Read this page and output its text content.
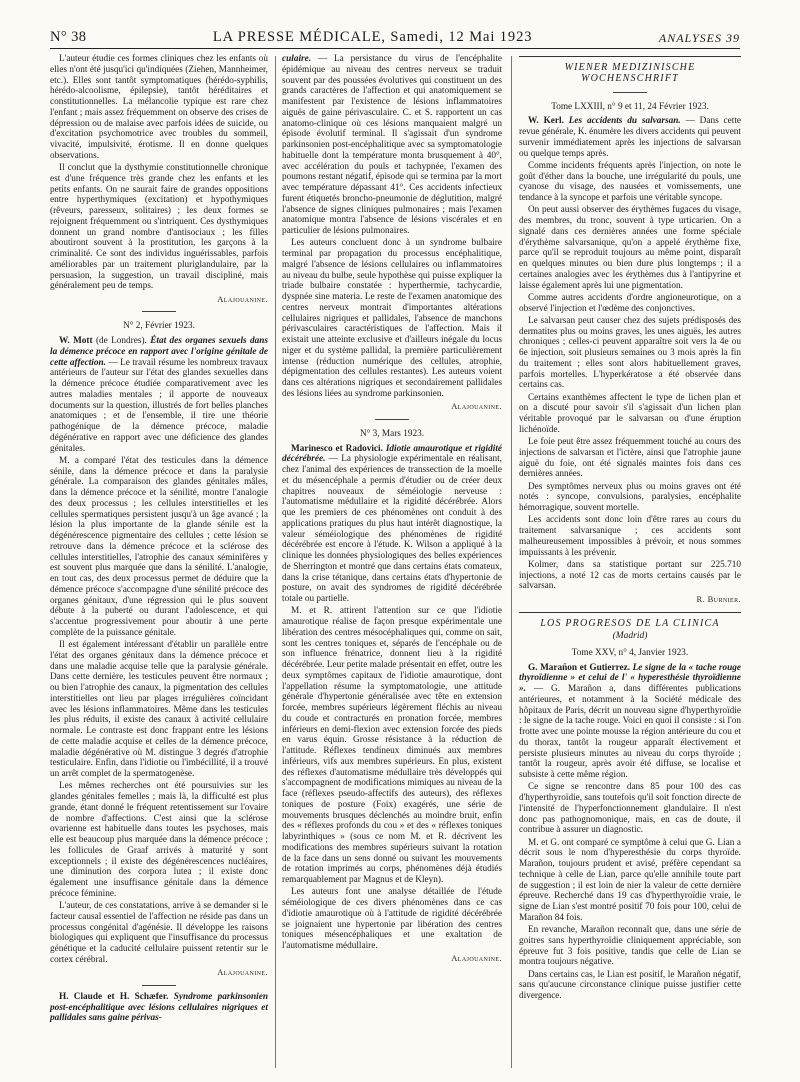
N° 38	LA PRESSE MÉDICALE, Samedi, 12 Mai 1923	ANALYSES 39

L'auteur étudie ces formes cliniques chez les enfants où elles n'ont été jusqu'ici qu'indiquées (Ziehen, Mannheimer, etc.). Elles sont tantôt symptomatiques (hérédo-syphilis, hérédo-alcoolisme, épilepsie), tantôt héréditaires et constitutionnelles. La mélancolie typique est rare chez l'enfant ; mais assez fréquemment on observe des crises de dépression ou de malaise avec parfois idées de suicide, ou d'excitation psychomotrice avec troubles du sommeil, vivacité, impulsivité, érotisme. Il en donne quelques observations.

Il conclut que la dysthymie constitutionnelle chronique est d'une fréquence très grande chez les enfants et les petits enfants. On ne saurait faire de grandes oppositions entre hyperthymiques (excitation) et hypothymiques (rêveurs, paresseux, solitaires) ; les deux formes se rejoignent fréquemment ou s'intriquent. Ces dysthymiques donnent un grand nombre d'antisociaux ; les filles aboutiront souvent à la prostitution, les garçons à la criminalité. Ce sont des individus inguérissables, parfois améliorables par un traitement pluriglandulaire, par la persuasion, la suggestion, un travail discipliné, mais généralement peu de temps.

Alajouanine.

N° 2, Février 1923.

W. Mott (de Londres). État des organes sexuels dans la démence précoce en rapport avec l'origine génitale de cette affection. — Le travail résume les nombreux travaux antérieurs de l'auteur sur l'état des glandes sexuelles dans la démence précoce étudiée comparativement avec les autres maladies mentales ; il apporte de nouveaux documents sur la question, illustrés de fort belles planches anatomiques ; et de l'ensemble, il tire une théorie pathogénique de la démence précoce, maladie dégénérative en rapport avec une déficience des glandes génitales.

M. a comparé l'état des testicules dans la démence sénile, dans la démence précoce et dans la paralysie générale. La comparaison des glandes génitales mâles, dans la démence précoce et la sénilité, montre l'analogie des deux processus ; les cellules interstitielles et les cellules spermatiques persistent jusqu'à un âge avancé ; la lésion la plus importante de la glande sénile est la dégénérescence pigmentaire des cellules ; cette lésion se retrouve dans la démence précoce et la sclérose des cellules interstitielles, l'atrophie des canaux séminifères y est souvent plus marquée que dans la sénilité. L'analogie, en tout cas, des deux processus permet de déduire que la démence précoce s'accompagne d'une sénilité précoce des organes génitaux, d'une régression qui le plus souvent débute à la puberté ou durant l'adolescence, et qui s'accentue progressivement pour aboutir à une perte complète de la puissance génitale.

Il est également intéressant d'établir un parallèle entre l'état des organes génitaux dans la démence précoce et dans une maladie acquise telle que la paralysie générale. Dans cette dernière, les testicules peuvent être normaux ; ou bien l'atrophie des canaux, la pigmentation des cellules interstitielles ont lieu par plages irrégulières coïncidant avec les lésions inflammatoires. Même dans les testicules les plus réduits, il existe des canaux à activité cellulaire normale. Le contraste est donc frappant entre les lésions de cette maladie acquise et celles de la démence précoce, maladie dégénérative où M. distingue 3 degrés d'atrophie testiculaire. Enfin, dans l'idiotie ou l'imbécillité, il a trouvé un arrêt complet de la spermatogenèse.

Les mêmes recherches ont été poursuivies sur les glandes génitales femelles ; mais là, la difficulté est plus grande, étant donné le fréquent retentissement sur l'ovaire de nombre d'affections. C'est ainsi que la sclérose ovarienne est habituelle dans toutes les psychoses, mais elle est beaucoup plus marquée dans la démence précoce ; les follicules de Graaf arrivés à maturité y sont exceptionnels ; il existe des dégénérescences nucléaires, une diminution des corpora lutea ; il existe donc également une insuffisance génitale dans la démence précoce féminine.

L'auteur, de ces constatations, arrive à se demander si le facteur causal essentiel de l'affection ne réside pas dans un processus congénital d'agénésie. Il développe les raisons biologiques qui expliquent que l'insuffisance du processus génétique et la caducité cellulaire puissent retentir sur le cortex cérébral.

Alajouanine.

H. Claude et H. Schæfer. Syndrome parkinsonien post-encéphalitique avec lésions cellulaires nigriques et pallidales sans gaine périvas-

culaire. — La persistance du virus de l'encéphalite épidémique au niveau des centres nerveux se traduit souvent par des poussées évolutives qui constituent un des grands caractères de l'affection et qui anatomiquement se manifestent par l'existence de lésions inflammatoires aiguës de gaine périvasculaire. C. et S. rapportent un cas anatomo-clinique où ces lésions manquaient malgré un épisode évolutif terminal. Il s'agissait d'un syndrome parkinsonien post-encéphalitique avec sa symptomatologie habituelle dont la température monta brusquement à 40°, avec accélération du pouls et tachypnée, l'examen des poumons restant négatif, épisode qui se termina par la mort avec température dépassant 41°. Ces accidents infectieux furent étiquetés broncho-pneumonie de déglutition, malgré l'absence de signes cliniques pulmonaires ; mais l'examen anatomique montra l'absence de lésions viscérales et en particulier de lésions pulmonaires.

Les auteurs concluent donc à un syndrome bulbaire terminal par propagation du processus encéphalitique, malgré l'absence de lésions cellulaires ou inflammatoires au niveau du bulbe, seule hypothèse qui puisse expliquer la triade bulbaire constatée : hyperthermie, tachycardie, dyspnée sine materia. Le reste de l'examen anatomique des centres nerveux montrait d'importantes altérations cellulaires nigriques et pallidales, l'absence de manchons périvasculaires caractéristiques de l'affection. Mais il existait une atteinte exclusive et d'ailleurs inégale du locus niger et du système pallidal, la première particulièrement intense (réduction numérique des cellules, atrophie, dépigmentation des cellules restantes). Les auteurs voient dans ces altérations nigriques et secondairement pallidales des lésions liées au syndrome parkinsonien.

Alajouanine.

N° 3, Mars 1923.

Marinesco et Radovici. Idiotie amaurotique et rigidité décérébrée. — La physiologie expérimentale en réalisant, chez l'animal des expériences de transsection de la moelle et du mésencéphale a permis d'étudier ou de créer deux chapitres nouveaux de séméiologie nerveuse : l'automatisme médullaire et la rigidité décérébrée. Alors que les premiers de ces phénomènes ont conduit à des applications pratiques du plus haut intérêt diagnostique, la valeur séméiologique des phénomènes de rigidité décérébrée est encore à l'étude. K. Wilson a appliqué à la clinique les données physiologiques des belles expériences de Sherrington et montré que dans certains états comateux, dans la crise tétanique, dans certains états d'hypertonie de posture, on avait des syndromes de rigidité décérébrée totale ou partielle.

M. et R. attirent l'attention sur ce que l'idiotie amaurotique réalise de façon presque expérimentale une libération des centres mésocéphaliques qui, comme on sait, sont les centres toniques et, séparés de l'encéphale ou de son influence frénatrice, donnent lieu à la rigidité décérébrée. Leur petite malade présentait en effet, outre les deux symptômes capitaux de l'idiotie amaurotique, dont l'appellation résume la symptomatologie, une attitude générale d'hypertonie généralisée avec tête en extension forcée, membres supérieurs légèrement fléchis au niveau du coude et contracturés en pronation forcée, membres inférieurs en demi-flexion avec extension forcée des pieds en varus équin. Grosse résistance à la réduction de l'attitude. Réflexes tendineux diminués aux membres inférieurs, vifs aux membres supérieurs. En plus, existent des réflexes d'automatisme médullaire très développés qui s'accompagnent de modifications mimiques au niveau de la face (réflexes pseudo-affectifs des auteurs), des réflexes toniques de posture (Foix) exagérés, une série de mouvements brusques déclenchés au moindre bruit, enfin des « réflexes profonds du cou » et des « réflexes toniques labyrinthiques » (sous ce nom M. et R. décrivent les modifications des membres supérieurs suivant la rotation de la face dans un sens donné ou suivant les mouvements de rotation imprimés au corps, phénomènes déjà étudiés remarquablement par Magnus et de Kleyn).

Les auteurs font une analyse détaillée de l'étude séméiologique de ces divers phénomènes dans ce cas d'idiotie amaurotique où à l'attitude de rigidité décérébrée se joignaient une hypertonie par libération des centres toniques mésencéphaliques et une exaltation de l'automatisme médullaire.

Alajouanine.

WIENER MEDIZINISCHE WOCHENSCHRIFT

Tome LXXIII, n° 9 et 11, 24 Février 1923.

W. Kerl. Les accidents du salvarsan. — Dans cette revue générale, K. énumère les divers accidents qui peuvent survenir immédiatement après les injections de salvarsan ou quelque temps après.

Comme incidents fréquents après l'injection, on note le goût d'éther dans la bouche, une irrégularité du pouls, une cyanose du visage, des nausées et vomissements, une tendance à la syncope et parfois une véritable syncope.

On peut aussi observer des érythèmes fugaces du visage, des membres, du tronc, souvent à type urticarien. On a signalé dans ces dernières années une forme spéciale d'érythème salvarsanique, qu'on a appelé érythème fixe, parce qu'il se reproduit toujours au même point, disparaît en quelques minutes ou bien dure plus longtemps ; il a certaines analogies avec les érythèmes dus à l'antipyrine et laisse également après lui une pigmentation.

Comme autres accidents d'ordre angioneurotique, on a observé l'injection et l'œdème des conjonctives.

Le salvarsan peut causer chez des sujets prédisposés des dermatites plus ou moins graves, les unes aiguës, les autres chroniques ; celles-ci peuvent apparaître soit vers la 4e ou 6e injection, soit plusieurs semaines ou 3 mois après la fin du traitement ; elles sont alors habituellement graves, parfois mortelles. L'hyperkératose a été observée dans certains cas.

Certains exanthèmes affectent le type de lichen plan et on a discuté pour savoir s'il s'agissait d'un lichen plan véritable provoqué par le salvarsan ou d'une éruption lichénoïde.

Le foie peut être assez fréquemment touché au cours des injections de salvarsan et l'ictère, ainsi que l'atrophie jaune aiguë du foie, ont été signalés maintes fois dans ces dernières années.

Des symptômes nerveux plus ou moins graves ont été notés : syncope, convulsions, paralysies, encéphalite hémorragique, souvent mortelle.

Les accidents sont donc loin d'être rares au cours du traitement salvarsanique ; ces accidents sont malheureusement impossibles à prévoir, et nous sommes impuissants à les prévenir.

Kolmer, dans sa statistique portant sur 225.710 injections, a noté 12 cas de morts certains causés par le salvarsan.

R. Burnier.

LOS PROGRESOS DE LA CLINICA

(Madrid)

Tome XXV, n° 4, Janvier 1923.

G. Marañon et Gutierrez. Le signe de la « tache rouge thyroïdienne » et celui de l' « hyperesthésie thyroïdienne ». — G. Marañon a, dans différentes publications antérieures, et notamment à la Société médicale des hôpitaux de Paris, décrit un nouveau signe d'hyperthyroïdie : le signe de la tache rouge. Voici en quoi il consiste : si l'on frotte avec une pointe mousse la région antérieure du cou et du thorax, tantôt la rougeur apparaît électivement et persiste plusieurs minutes au niveau du corps thyroïde ; tantôt la rougeur, après avoir été diffuse, se localise et subsiste à cette même région.

Ce signe se rencontre dans 85 pour 100 des cas d'hyperthyroïdie, sans toutefois qu'il soit fonction directe de l'intensité de l'hyperfonctionnement glandulaire. Il n'est donc pas pathognomonique, mais, en cas de doute, il contribue à assurer un diagnostic.

M. et G. ont comparé ce symptôme à celui que G. Lian a décrit sous le nom d'hyperesthésie du corps thyroïde. Marañon, toujours prudent et avisé, préfère cependant sa technique à celle de Lian, parce qu'elle annihile toute part de suggestion ; il est loin de nier la valeur de cette dernière épreuve. Recherché dans 19 cas d'hyperthyroïdie vraie, le signe de Lian s'est montré positif 70 fois pour 100, celui de Marañon 84 fois.

En revanche, Marañon reconnaît que, dans une série de goitres sans hyperthyroïdie cliniquement appréciable, son épreuve fut 3 fois positive, tandis que celle de Lian se montra toujours négative.

Dans certains cas, le Lian est positif, le Marañon négatif, sans qu'aucune circonstance clinique puisse justifier cette divergence.
